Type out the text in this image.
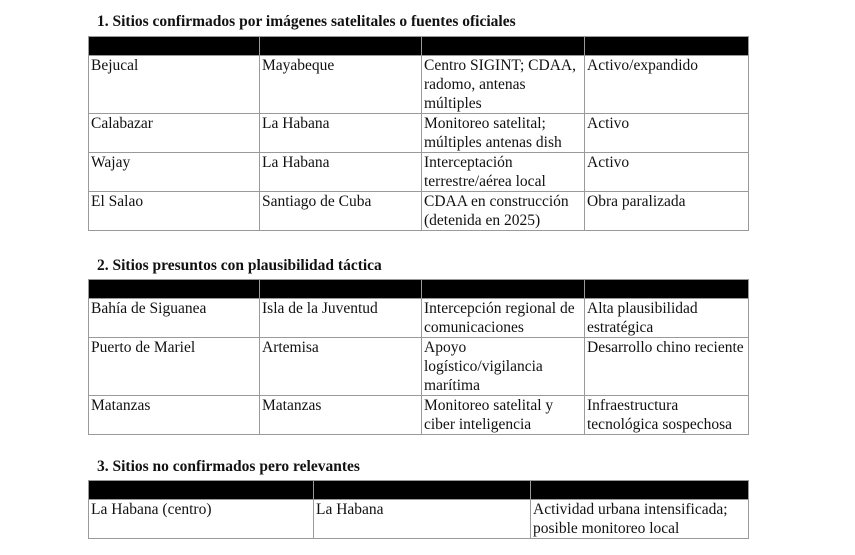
1. Sitios confirmados por imágenes satelitales o fuentes oficiales

Bejucal	Mayabeque	Centro SIGINT; CDAA, radomo, antenas múltiples	Activo/expandido
Calabazar	La Habana	Monitoreo satelital; múltiples antenas dish	Activo
Wajay	La Habana	Interceptación terrestre/aérea local	Activo
El Salao	Santiago de Cuba	CDAA en construcción (detenida en 2025)	Obra paralizada
2. Sitios presuntos con plausibilidad táctica

Bahía de Siguanea	Isla de la Juventud	Intercepción regional de comunicaciones	Alta plausibilidad estratégica
Puerto de Mariel	Artemisa	Apoyo logístico/vigilancia marítima	Desarrollo chino reciente
Matanzas	Matanzas	Monitoreo satelital y ciber inteligencia	Infraestructura tecnológica sospechosa
3. Sitios no confirmados pero relevantes

La Habana (centro)	La Habana	Actividad urbana intensificada; posible monitoreo local
